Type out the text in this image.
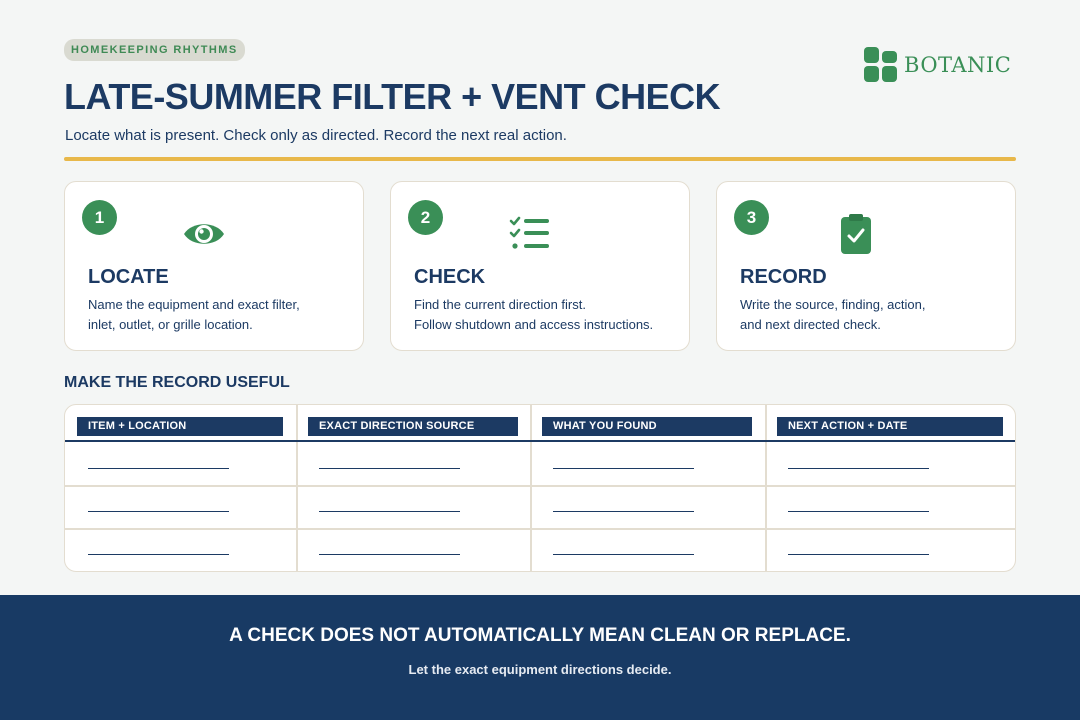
HOMEKEEPING RHYTHMS
BOTANIC
LATE-SUMMER FILTER + VENT CHECK
Locate what is present. Check only as directed. Record the next real action.
1
LOCATE
Name the equipment and exact filter,
inlet, outlet, or grille location.
2
CHECK
Find the current direction first.
Follow shutdown and access instructions.
3
RECORD
Write the source, finding, action,
and next directed check.
MAKE THE RECORD USEFUL
ITEM + LOCATION	EXACT DIRECTION SOURCE	WHAT YOU FOUND	NEXT ACTION + DATE
A CHECK DOES NOT AUTOMATICALLY MEAN CLEAN OR REPLACE.
Let the exact equipment directions decide.
